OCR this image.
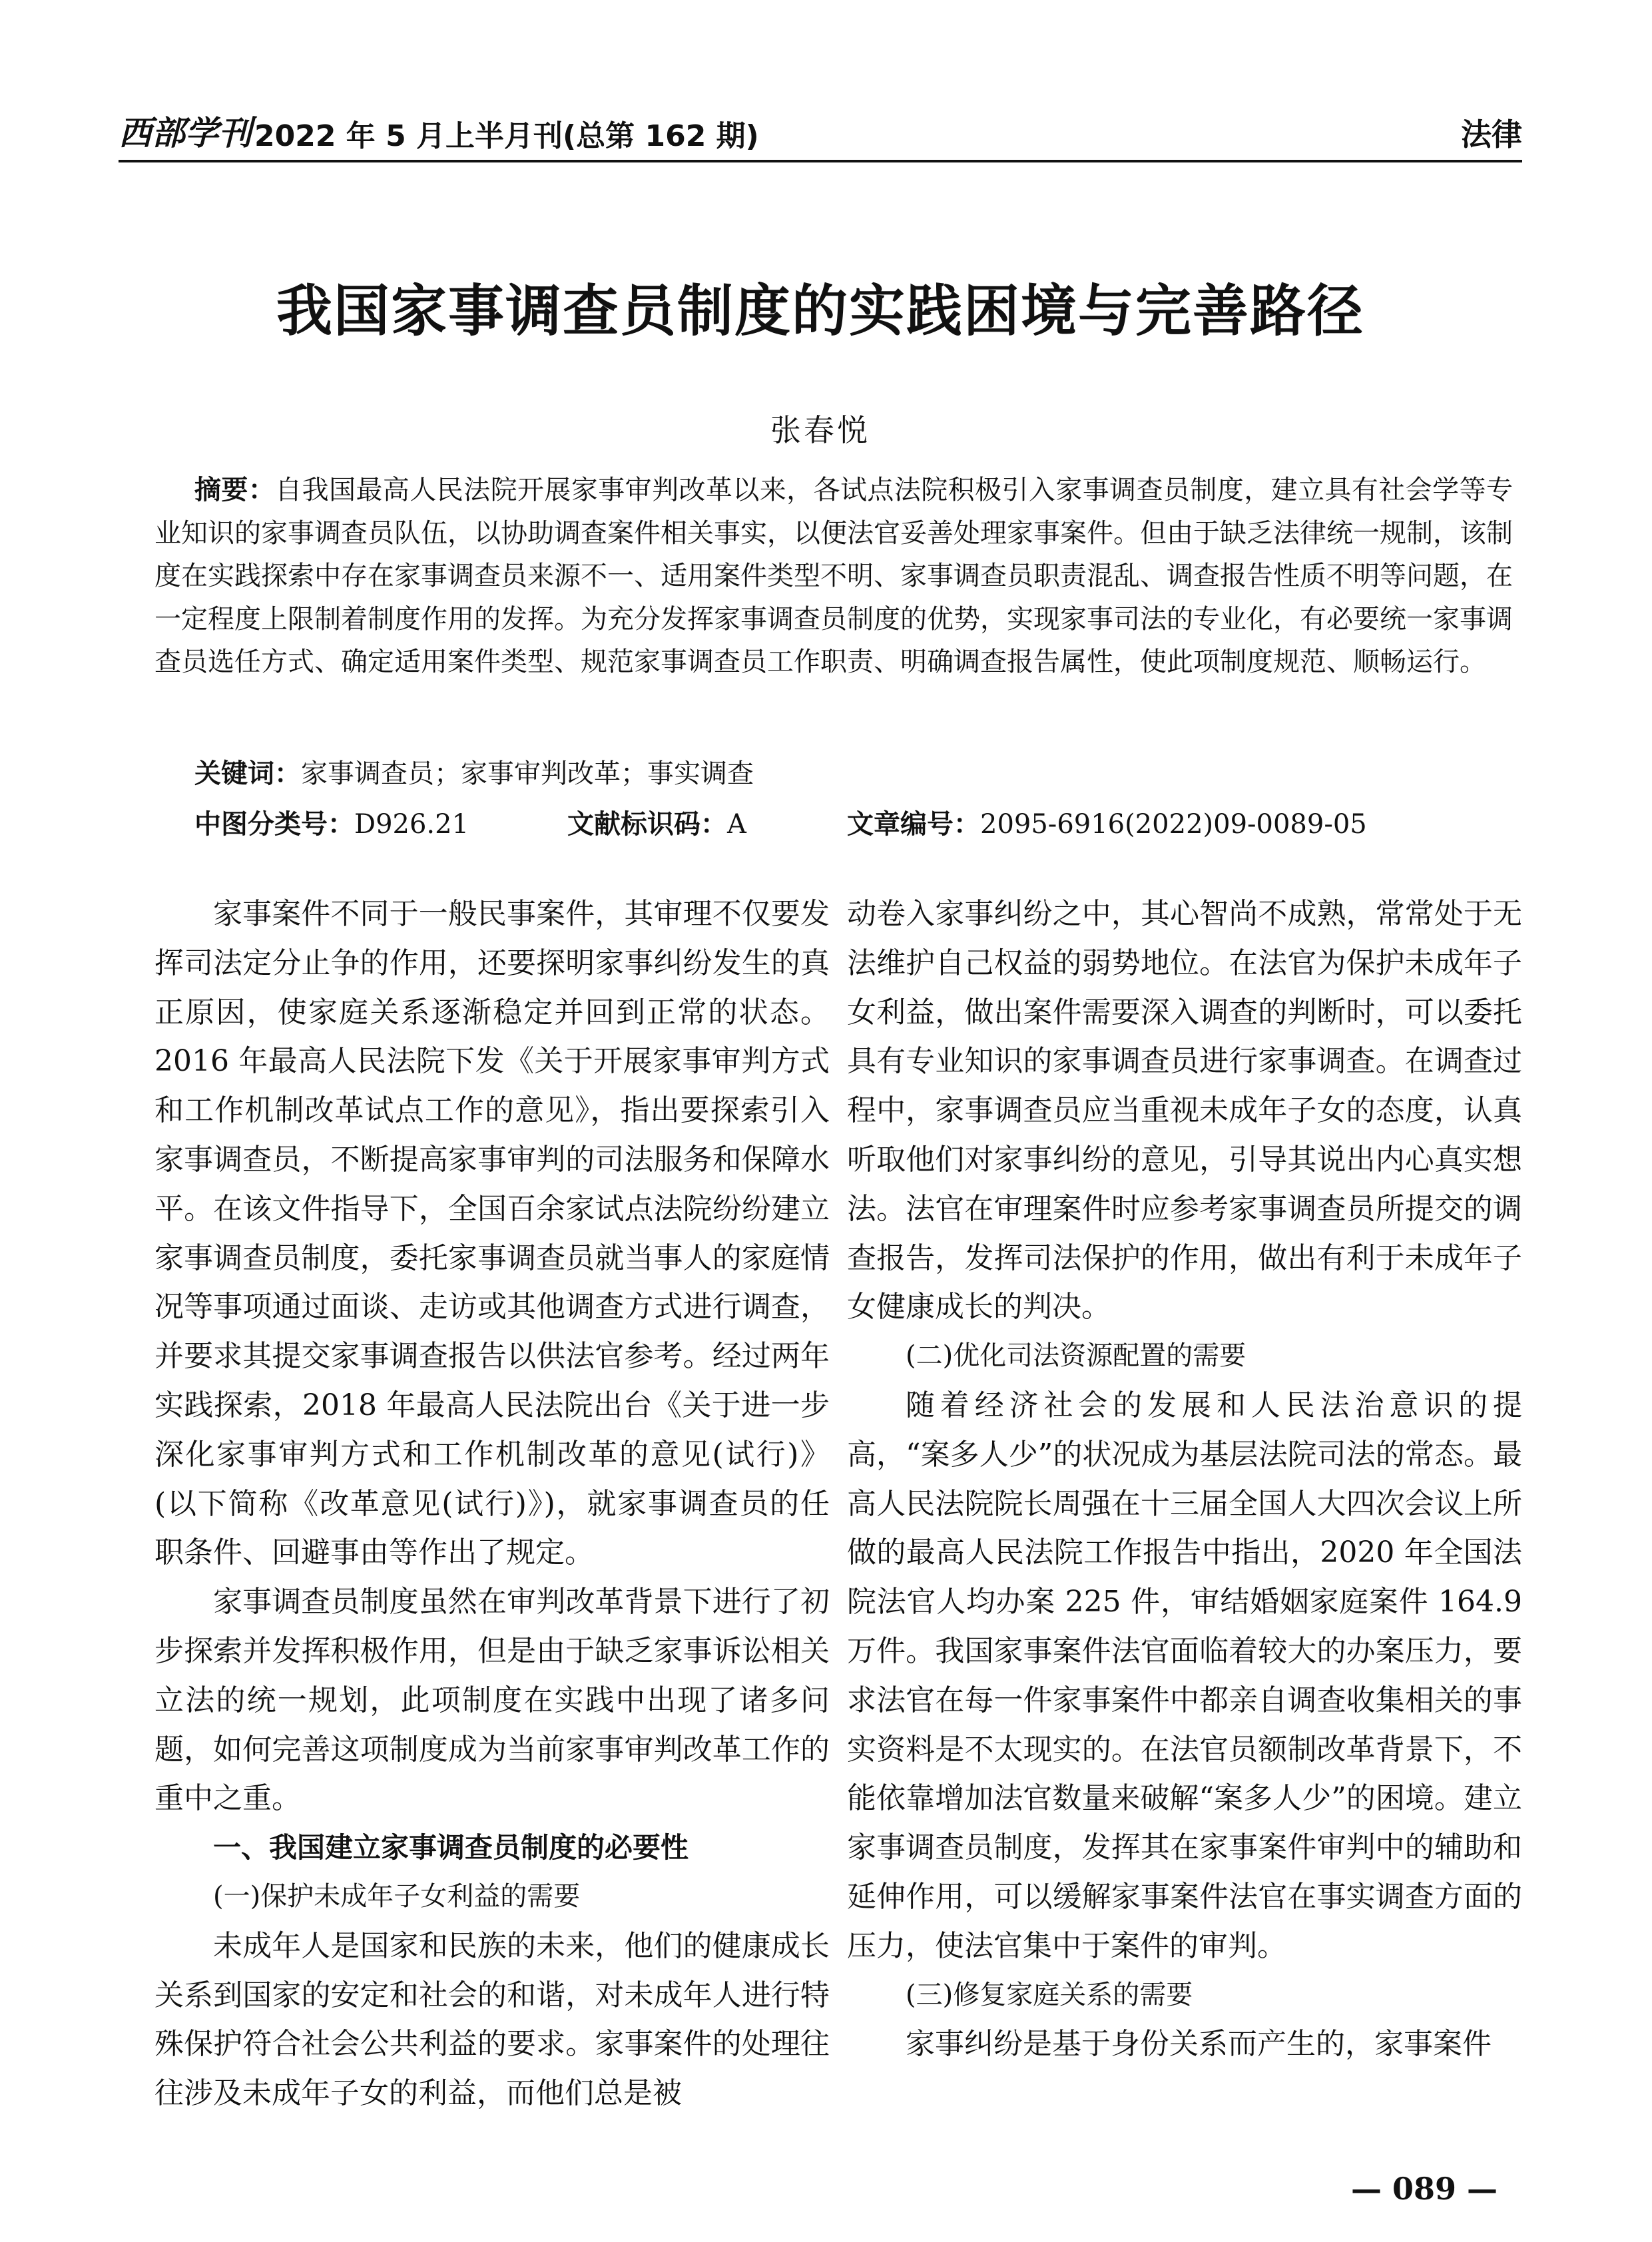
西部学刊 2022 年 5 月上半月刊(总第 162 期)	法律
我国家事调查员制度的实践困境与完善路径
张春悦

摘要：自我国最高人民法院开展家事审判改革以来，各试点法院积极引入家事调查员制度，建立具有社会学等专业知识的家事调查员队伍，以协助调查案件相关事实，以便法官妥善处理家事案件。但由于缺乏法律统一规制，该制度在实践探索中存在家事调查员来源不一、适用案件类型不明、家事调查员职责混乱、调查报告性质不明等问题，在一定程度上限制着制度作用的发挥。为充分发挥家事调查员制度的优势，实现家事司法的专业化，有必要统一家事调查员选任方式、确定适用案件类型、规范家事调查员工作职责、明确调查报告属性，使此项制度规范、顺畅运行。

关键词：家事调查员；家事审判改革；事实调查
中图分类号：D926.21	文献标识码：A	文章编号：2095-6916(2022)09-0089-05

家事案件不同于一般民事案件，其审理不仅要发挥司法定分止争的作用，还要探明家事纠纷发生的真正原因，使家庭关系逐渐稳定并回到正常的状态。2016 年最高人民法院下发《关于开展家事审判方式和工作机制改革试点工作的意见》，指出要探索引入家事调查员，不断提高家事审判的司法服务和保障水平。在该文件指导下，全国百余家试点法院纷纷建立家事调查员制度，委托家事调查员就当事人的家庭情况等事项通过面谈、走访或其他调查方式进行调查，并要求其提交家事调查报告以供法官参考。经过两年实践探索，2018 年最高人民法院出台《关于进一步深化家事审判方式和工作机制改革的意见(试行)》(以下简称《改革意见(试行)》)，就家事调查员的任职条件、回避事由等作出了规定。

家事调查员制度虽然在审判改革背景下进行了初步探索并发挥积极作用，但是由于缺乏家事诉讼相关立法的统一规划，此项制度在实践中出现了诸多问题，如何完善这项制度成为当前家事审判改革工作的重中之重。

一、我国建立家事调查员制度的必要性

(一)保护未成年子女利益的需要

未成年人是国家和民族的未来，他们的健康成长关系到国家的安定和社会的和谐，对未成年人进行特殊保护符合社会公共利益的要求。家事案件的处理往往涉及未成年子女的利益，而他们总是被

动卷入家事纠纷之中，其心智尚不成熟，常常处于无法维护自己权益的弱势地位。在法官为保护未成年子女利益，做出案件需要深入调查的判断时，可以委托具有专业知识的家事调查员进行家事调查。在调查过程中，家事调查员应当重视未成年子女的态度，认真听取他们对家事纠纷的意见，引导其说出内心真实想法。法官在审理案件时应参考家事调查员所提交的调查报告，发挥司法保护的作用，做出有利于未成年子女健康成长的判决。

(二)优化司法资源配置的需要

随着经济社会的发展和人民法治意识的提高，“案多人少”的状况成为基层法院司法的常态。最高人民法院院长周强在十三届全国人大四次会议上所做的最高人民法院工作报告中指出，2020 年全国法院法官人均办案 225 件，审结婚姻家庭案件 164.9 万件。我国家事案件法官面临着较大的办案压力，要求法官在每一件家事案件中都亲自调查收集相关的事实资料是不太现实的。在法官员额制改革背景下，不能依靠增加法官数量来破解“案多人少”的困境。建立家事调查员制度，发挥其在家事案件审判中的辅助和延伸作用，可以缓解家事案件法官在事实调查方面的压力，使法官集中于案件的审判。

(三)修复家庭关系的需要

家事纠纷是基于身份关系而产生的，家事案件

— 089 —
